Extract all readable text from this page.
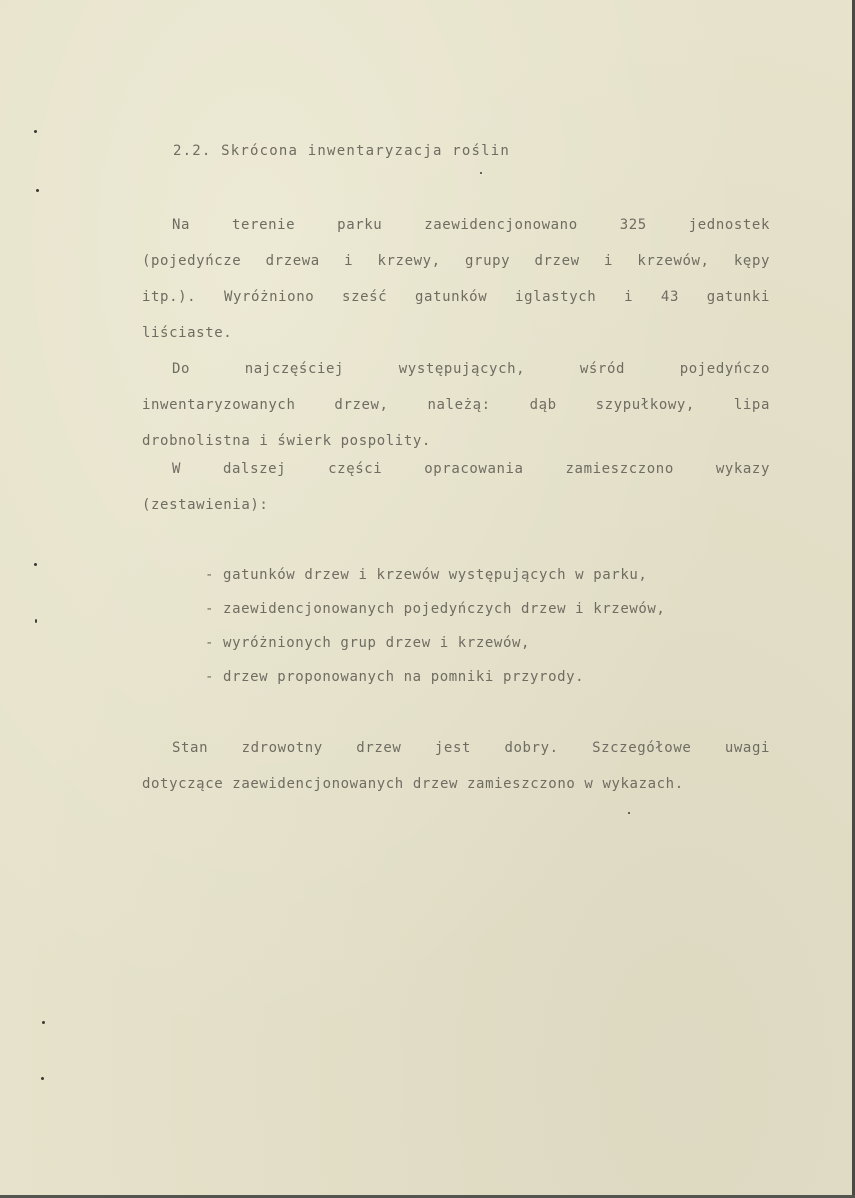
2.2. Skrócona inwentaryzacja roślin
Na terenie parku zaewidencjonowano 325 jednostek
(pojedyńcze drzewa i krzewy, grupy drzew i krzewów, kępy
itp.). Wyróżniono sześć gatunków iglastych i 43 gatunki
liściaste.
Do najczęściej występujących, wśród pojedyńczo
inwentaryzowanych drzew, należą: dąb szypułkowy, lipa
drobnolistna i świerk pospolity.
W dalszej części opracowania zamieszczono wykazy
(zestawienia):
- gatunków drzew i krzewów występujących w parku,
- zaewidencjonowanych pojedyńczych drzew i krzewów,
- wyróżnionych grup drzew i krzewów,
- drzew proponowanych na pomniki przyrody.
Stan zdrowotny drzew jest dobry. Szczegółowe uwagi
dotyczące zaewidencjonowanych drzew zamieszczono w wykazach.
